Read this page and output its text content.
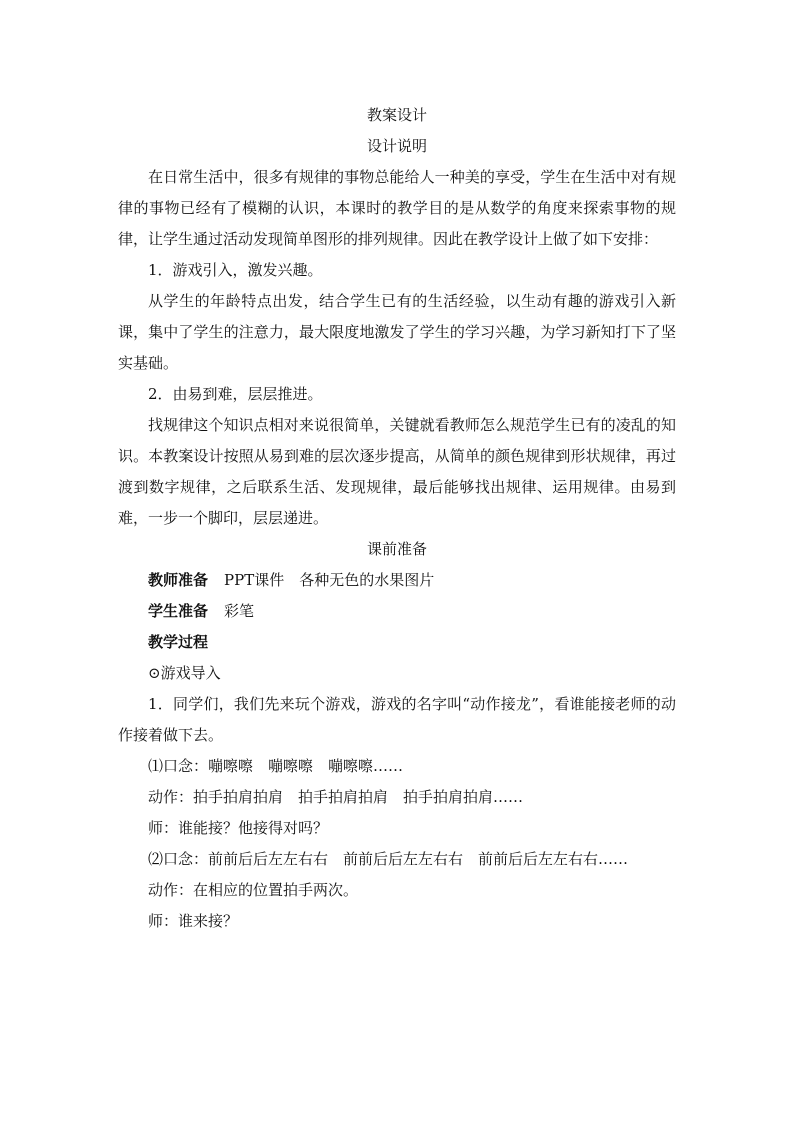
教案设计

设计说明

在日常生活中，很多有规律的事物总能给人一种美的享受，学生在生活中对有规律的事物已经有了模糊的认识，本课时的教学目的是从数学的角度来探索事物的规律，让学生通过活动发现简单图形的排列规律。因此在教学设计上做了如下安排：

1．游戏引入，激发兴趣。

从学生的年龄特点出发，结合学生已有的生活经验，以生动有趣的游戏引入新课，集中了学生的注意力，最大限度地激发了学生的学习兴趣，为学习新知打下了坚实基础。

2．由易到难，层层推进。

找规律这个知识点相对来说很简单，关键就看教师怎么规范学生已有的凌乱的知识。本教案设计按照从易到难的层次逐步提高，从简单的颜色规律到形状规律，再过渡到数字规律，之后联系生活、发现规律，最后能够找出规律、运用规律。由易到难，一步一个脚印，层层递进。

课前准备

教师准备 PPT课件　各种无色的水果图片

学生准备 彩笔

教学过程

⊙游戏导入

1．同学们，我们先来玩个游戏，游戏的名字叫“动作接龙”，看谁能接老师的动作接着做下去。

⑴口念：嘣嚓嚓　嘣嚓嚓　嘣嚓嚓……

动作：拍手拍肩拍肩　拍手拍肩拍肩　拍手拍肩拍肩……

师：谁能接？他接得对吗？

⑵口念：前前后后左左右右　前前后后左左右右　前前后后左左右右……

动作：在相应的位置拍手两次。

师：谁来接？
